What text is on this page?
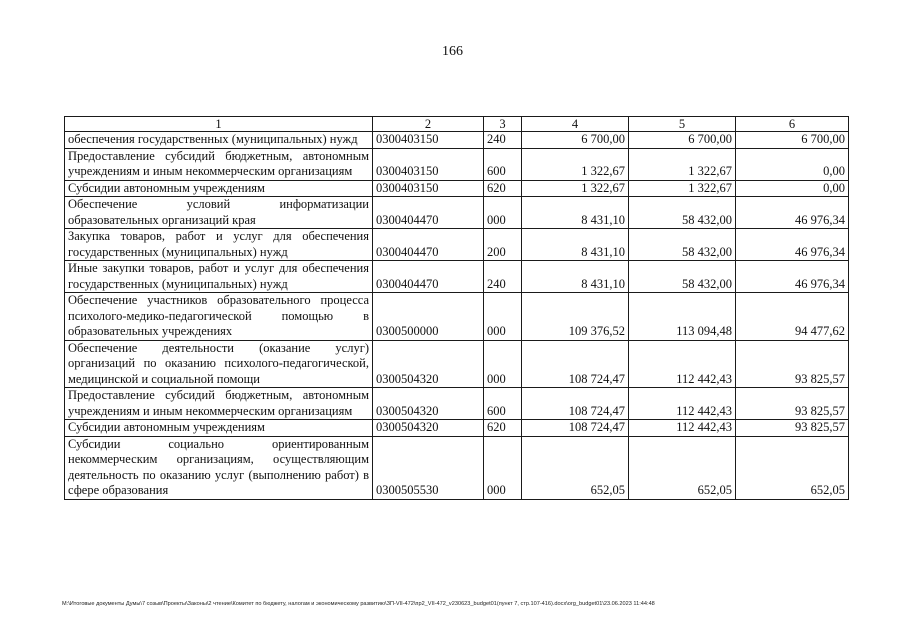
166
1	2	3	4	5	6
обеспечения государственных (муниципальных) нужд	0300403150	240	6 700,00	6 700,00	6 700,00
Предоставление субсидий бюджетным, автономным учреждениям и иным некоммерческим организациям	0300403150	600	1 322,67	1 322,67	0,00
Субсидии автономным учреждениям	0300403150	620	1 322,67	1 322,67	0,00
Обеспечение условий информатизации образовательных организаций края	0300404470	000	8 431,10	58 432,00	46 976,34
Закупка товаров, работ и услуг для обеспечения государственных (муниципальных) нужд	0300404470	200	8 431,10	58 432,00	46 976,34
Иные закупки товаров, работ и услуг для обеспечения государственных (муниципальных) нужд	0300404470	240	8 431,10	58 432,00	46 976,34
Обеспечение участников образовательного процесса психолого-медико-педагогической помощью в образовательных учреждениях	0300500000	000	109 376,52	113 094,48	94 477,62
Обеспечение деятельности (оказание услуг) организаций по оказанию психолого-педагогической, медицинской и социальной помощи	0300504320	000	108 724,47	112 442,43	93 825,57
Предоставление субсидий бюджетным, автономным учреждениям и иным некоммерческим организациям	0300504320	600	108 724,47	112 442,43	93 825,57
Субсидии автономным учреждениям	0300504320	620	108 724,47	112 442,43	93 825,57
Субсидии социально ориентированным некоммерческим организациям, осуществляющим деятельность по оказанию услуг (выполнению работ) в сфере образования	0300505530	000	652,05	652,05	652,05
М:\Итоговые документы Думы\7 созыв\Проекты\Законы\2 чтение\Комитет по бюджету, налогам и экономическому развитию\ЗП-VII-472\пр2_VII-472_v230623_budget01(пункт 7, стр.107-416).docx\org_budget01\23.06.2023 11:44:48
